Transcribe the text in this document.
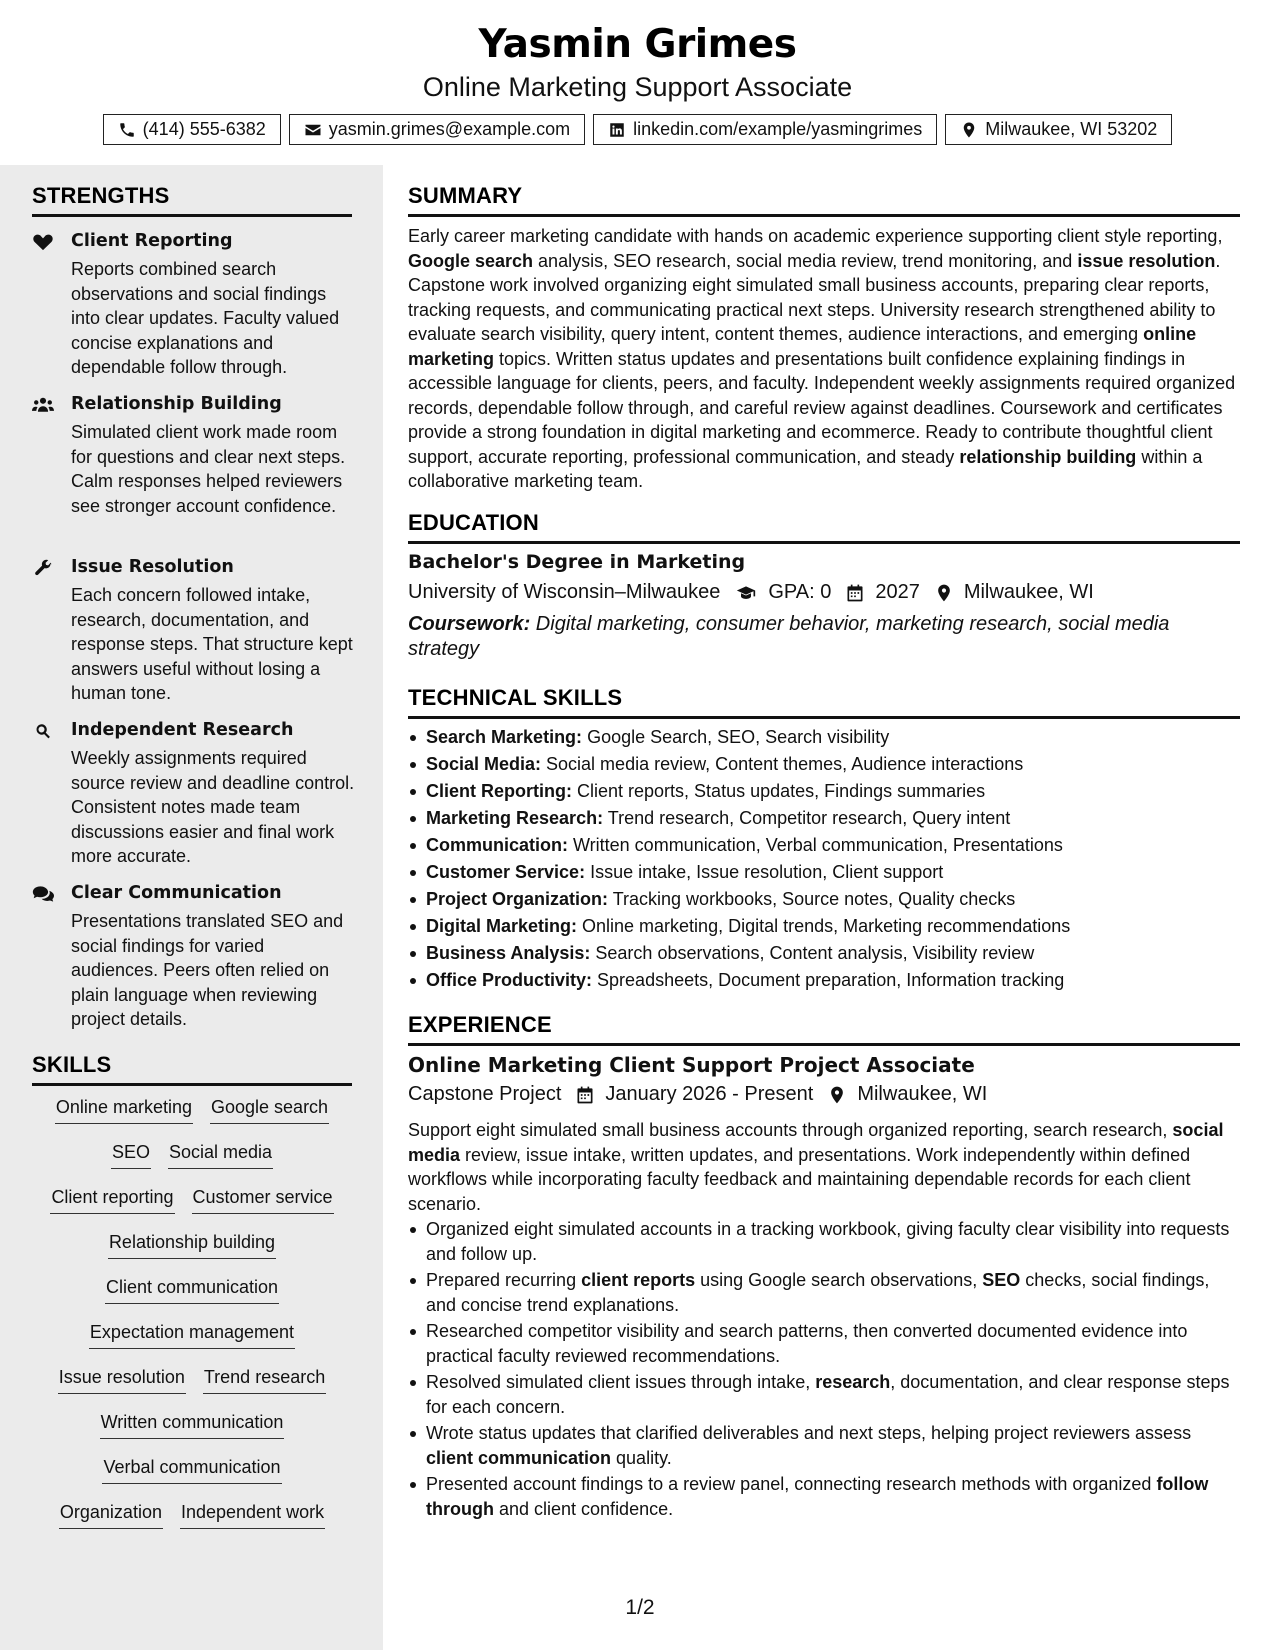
Yasmin Grimes
Online Marketing Support Associate
(414) 555-6382	yasmin.grimes@example.com	linkedin.com/example/yasmingrimes	Milwaukee, WI 53202
STRENGTHS
Client Reporting
Reports combined search observations and social findings into clear updates. Faculty valued concise explanations and dependable follow through.
Relationship Building
Simulated client work made room for questions and clear next steps. Calm responses helped reviewers see stronger account confidence.
Issue Resolution
Each concern followed intake, research, documentation, and response steps. That structure kept answers useful without losing a human tone.
Independent Research
Weekly assignments required source review and deadline control. Consistent notes made team discussions easier and final work more accurate.
Clear Communication
Presentations translated SEO and social findings for varied audiences. Peers often relied on plain language when reviewing project details.
SKILLS
Online marketing Google search
SEO Social media
Client reporting Customer service
Relationship building
Client communication
Expectation management
Issue resolution Trend research
Written communication
Verbal communication
Organization Independent work
SUMMARY
Early career marketing candidate with hands on academic experience supporting client style reporting, Google search analysis, SEO research, social media review, trend monitoring, and issue resolution. Capstone work involved organizing eight simulated small business accounts, preparing clear reports, tracking requests, and communicating practical next steps. University research strengthened ability to evaluate search visibility, query intent, content themes, audience interactions, and emerging online marketing topics. Written status updates and presentations built confidence explaining findings in accessible language for clients, peers, and faculty. Independent weekly assignments required organized records, dependable follow through, and careful review against deadlines. Coursework and certificates provide a strong foundation in digital marketing and ecommerce. Ready to contribute thoughtful client support, accurate reporting, professional communication, and steady relationship building within a collaborative marketing team.
EDUCATION
Bachelor's Degree in Marketing
University of Wisconsin–Milwaukee GPA: 0 2027 Milwaukee, WI
Coursework: Digital marketing, consumer behavior, marketing research, social media strategy
TECHNICAL SKILLS
Search Marketing: Google Search, SEO, Search visibility
Social Media: Social media review, Content themes, Audience interactions
Client Reporting: Client reports, Status updates, Findings summaries
Marketing Research: Trend research, Competitor research, Query intent
Communication: Written communication, Verbal communication, Presentations
Customer Service: Issue intake, Issue resolution, Client support
Project Organization: Tracking workbooks, Source notes, Quality checks
Digital Marketing: Online marketing, Digital trends, Marketing recommendations
Business Analysis: Search observations, Content analysis, Visibility review
Office Productivity: Spreadsheets, Document preparation, Information tracking
EXPERIENCE
Online Marketing Client Support Project Associate
Capstone Project January 2026 - Present Milwaukee, WI
Support eight simulated small business accounts through organized reporting, search research, social media review, issue intake, written updates, and presentations. Work independently within defined workflows while incorporating faculty feedback and maintaining dependable records for each client scenario.
Organized eight simulated accounts in a tracking workbook, giving faculty clear visibility into requests and follow up.
Prepared recurring client reports using Google search observations, SEO checks, social findings, and concise trend explanations.
Researched competitor visibility and search patterns, then converted documented evidence into practical faculty reviewed recommendations.
Resolved simulated client issues through intake, research, documentation, and clear response steps for each concern.
Wrote status updates that clarified deliverables and next steps, helping project reviewers assess client communication quality.
Presented account findings to a review panel, connecting research methods with organized follow through and client confidence.
1/2
